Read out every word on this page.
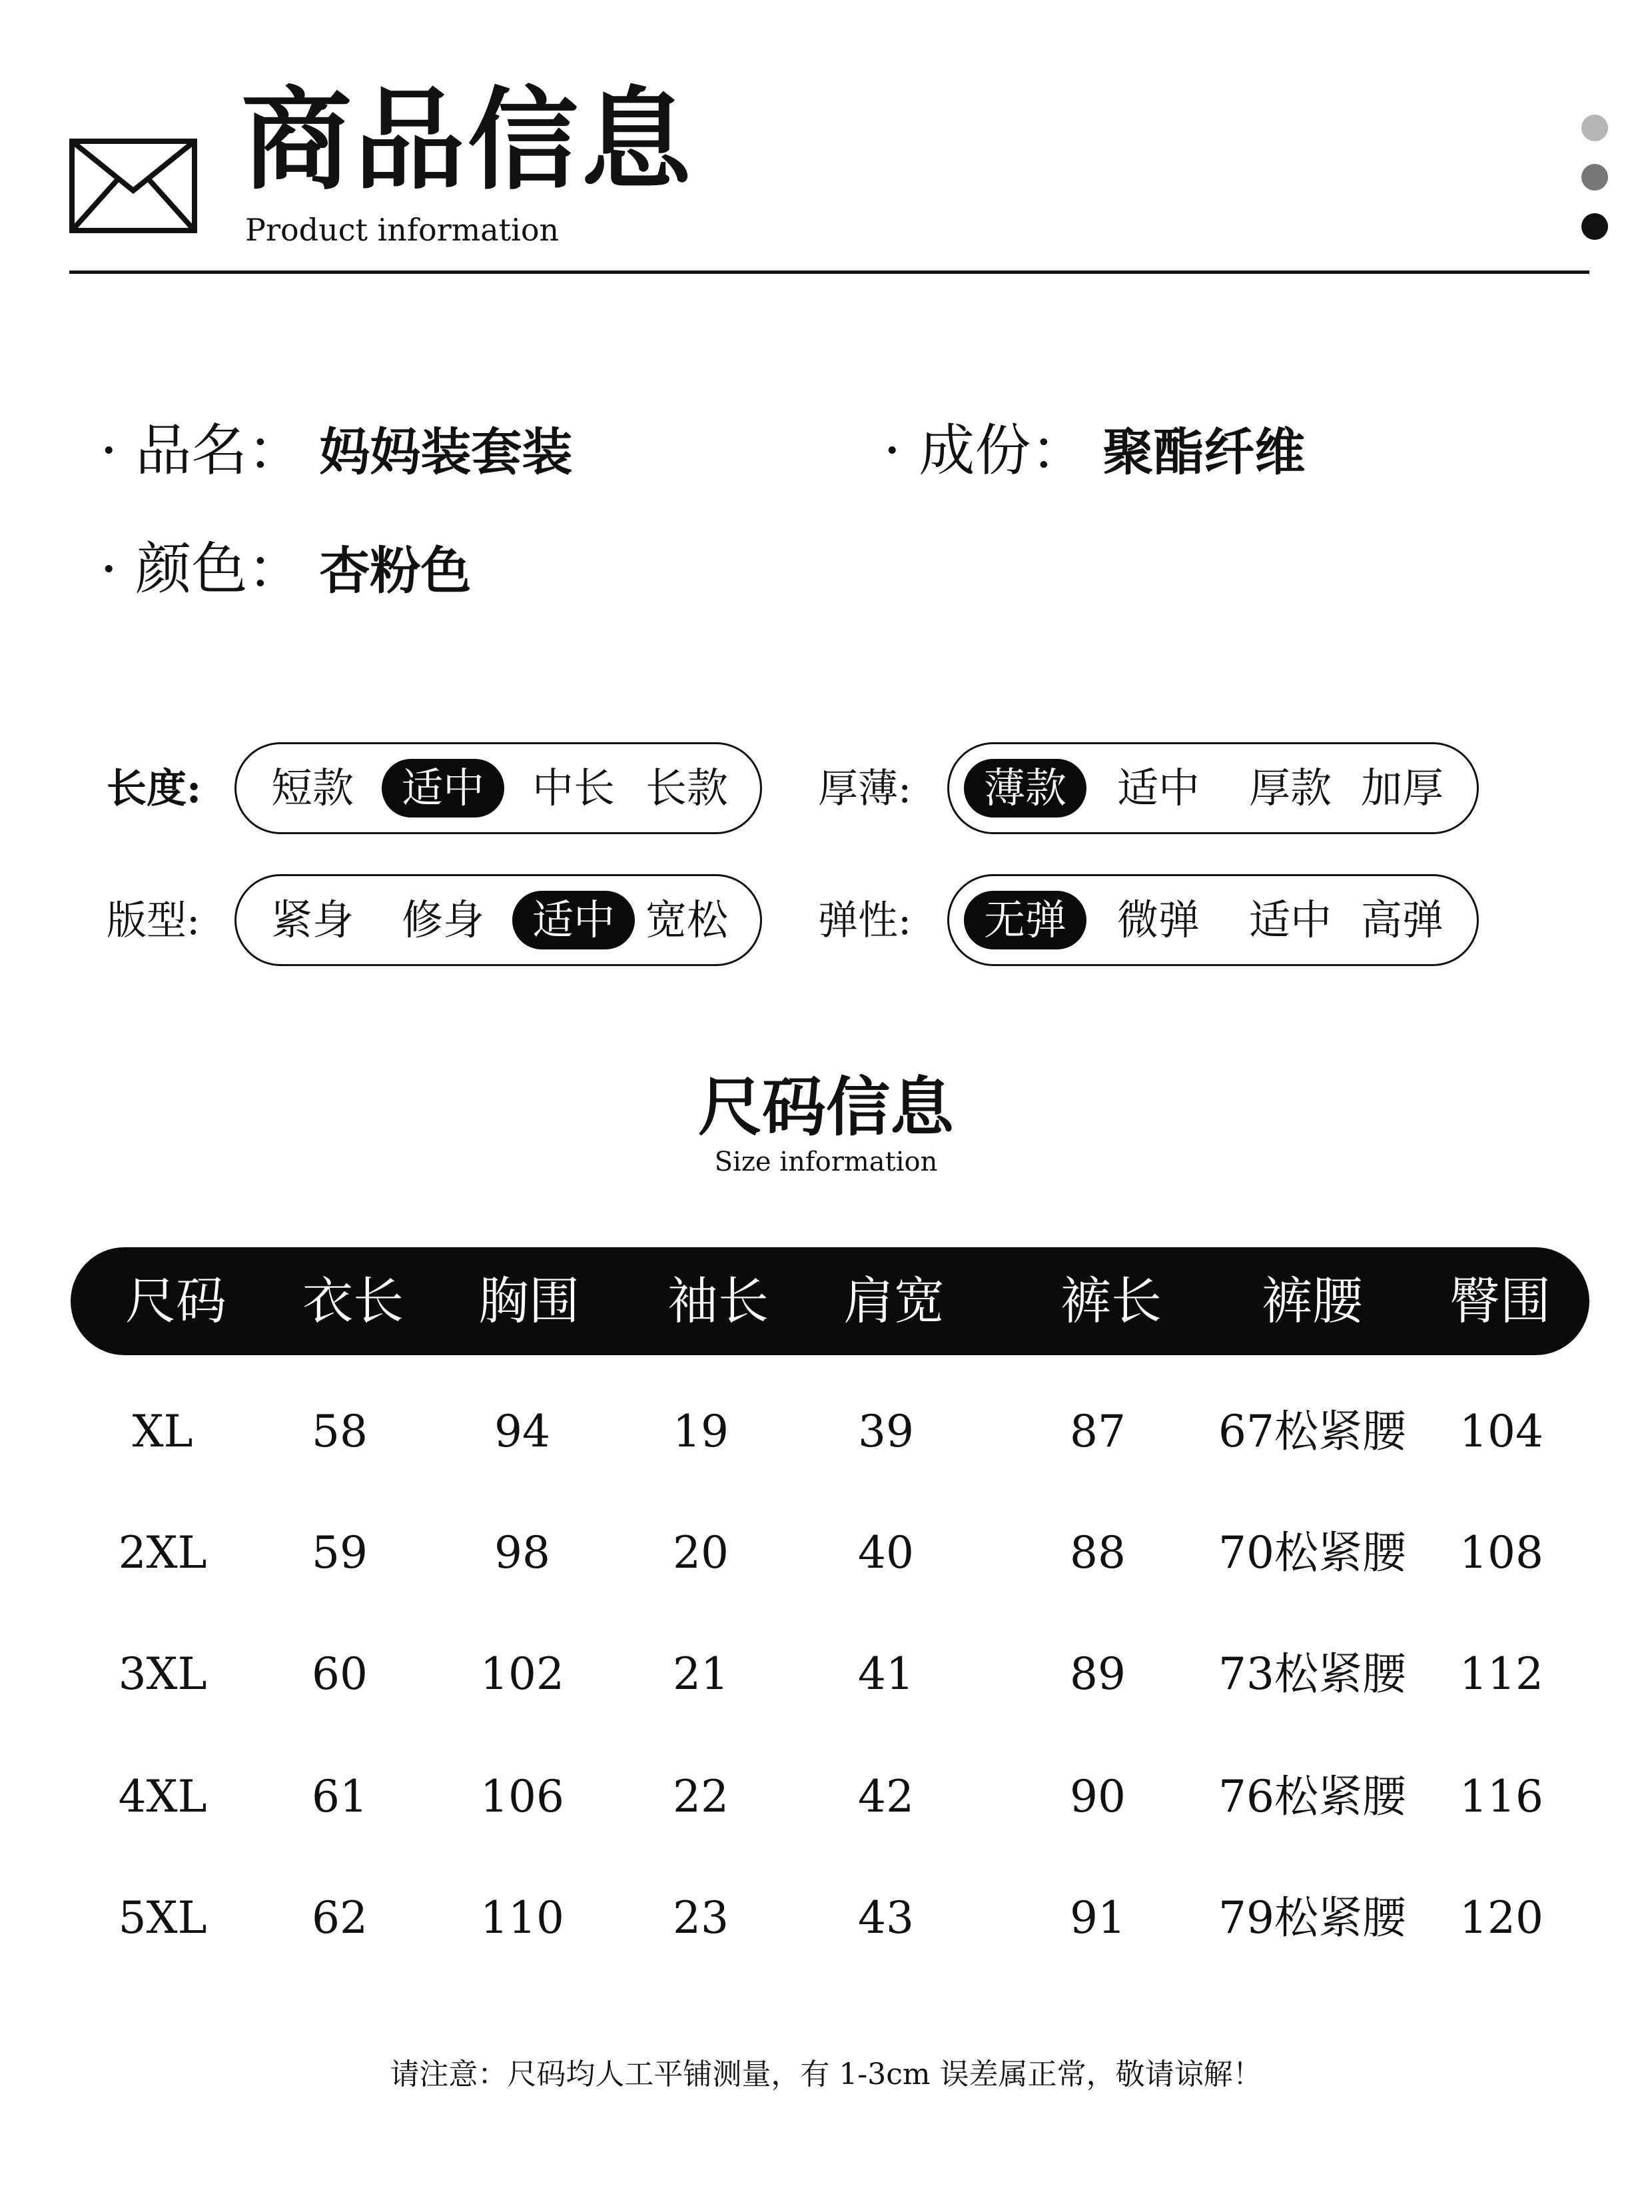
商品信息
Product information
· 品名： 妈妈装套装	· 成份： 聚酯纤维
· 颜色： 杏粉色
长度:	短款	适中	中长 长款	厚薄:	薄款	适中	厚款 加厚
版型:	紧身	修身	适中 宽松	弹性:	无弹	微弹	适中 高弹
尺码信息
Size information
尺码 衣长 胸围 袖长 肩宽 裤长 裤腰 臀围
XL	58	94	19	39	87 67松紧腰 104
2XL 59	98	20	40	88 70松紧腰 108
3XL 60	102 21	41	89 73松紧腰 112
4XL 61	106 22	42	90 76松紧腰 116
5XL 62	110 23	43	91 79松紧腰 120
请注意：尺码均人工平铺测量，有 1-3cm 误差属正常，敬请谅解！
